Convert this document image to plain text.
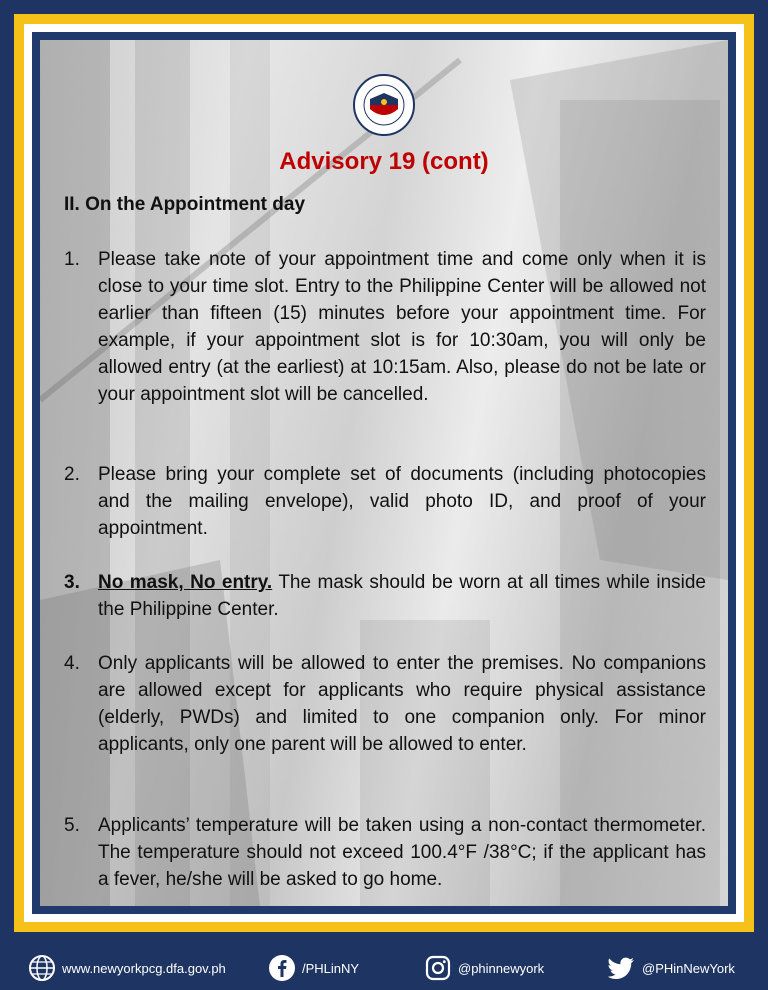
Advisory 19 (cont)
II. On the Appointment day
1. Please take note of your appointment time and come only when it is close to your time slot. Entry to the Philippine Center will be allowed not earlier than fifteen (15) minutes before your appointment time. For example, if your appointment slot is for 10:30am, you will only be allowed entry (at the earliest) at 10:15am. Also, please do not be late or your appointment slot will be cancelled.
2. Please bring your complete set of documents (including photocopies and the mailing envelope), valid photo ID, and proof of your appointment.
3. No mask, No entry. The mask should be worn at all times while inside the Philippine Center.
4. Only applicants will be allowed to enter the premises. No companions are allowed except for applicants who require physical assistance (elderly, PWDs) and limited to one companion only. For minor applicants, only one parent will be allowed to enter.
5. Applicants’ temperature will be taken using a non-contact thermometer. The temperature should not exceed 100.4°F /38°C; if the applicant has a fever, he/she will be asked to go home.
www.newyorkpcg.dfa.gov.ph	/PHLinNY	@phinnewyork	@PHinNewYork
